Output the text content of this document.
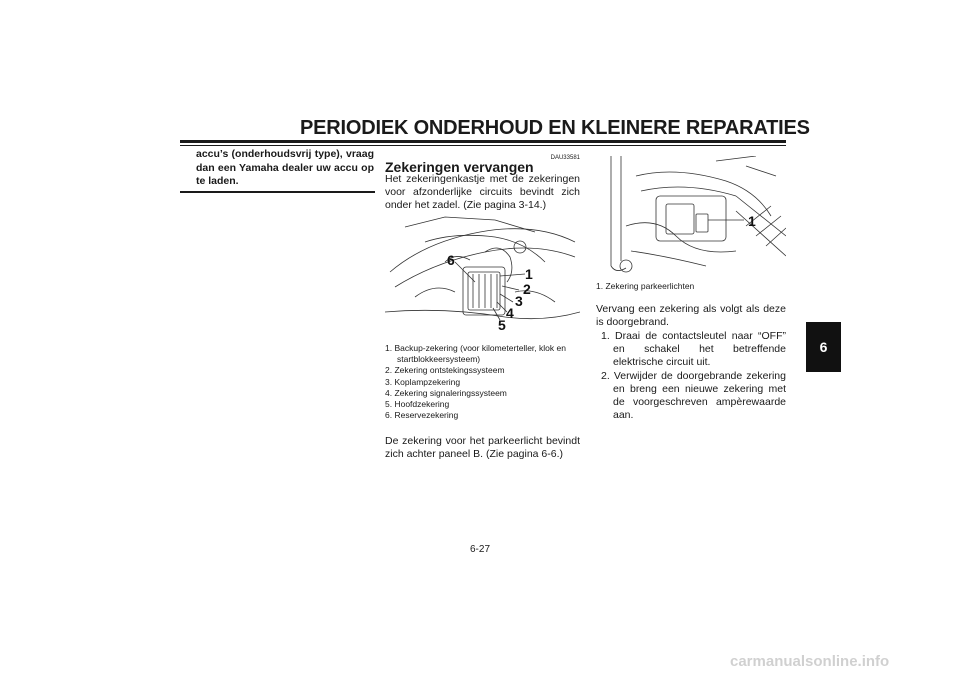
PERIODIEK ONDERHOUD EN KLEINERE REPARATIES
accu’s (onderhoudsvrij type), vraag dan een Yamaha dealer uw accu op te laden.
DAU33581
Zekeringen vervangen
Het zekeringenkastje met de zekeringen voor afzonderlijke circuits bevindt zich onder het zadel. (Zie pagina 3-14.)
1
2
3
4
5
6
1. Backup-zekering (voor kilometerteller, klok en startblokkeersysteem)
2. Zekering ontstekingssysteem
3. Koplampzekering
4. Zekering signaleringssysteem
5. Hoofdzekering
6. Reservezekering
De zekering voor het parkeerlicht bevindt zich achter paneel B. (Zie pagina 6-6.)
1
1. Zekering parkeerlichten
Vervang een zekering als volgt als deze is doorgebrand.
1. Draai de contactsleutel naar “OFF” en schakel het betreffende elektrische circuit uit.
2. Verwijder de doorgebrande zekering en breng een nieuwe zekering met de voorgeschreven ampèrewaarde aan.
6
6-27
carmanualsonline.info
